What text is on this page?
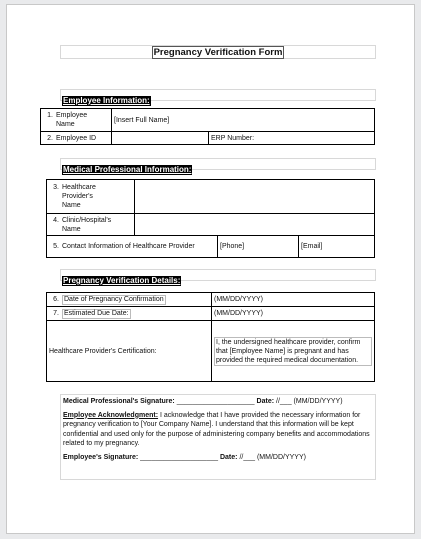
Pregnancy Verification Form
Employee Information:
1. Employee Name	[Insert Full Name]	
2. Employee ID		ERP Number:
Medical Professional Information:
3. Healthcare Provider's Name			

4. Clinic/Hospital's Name			

5. Contact Information of Healthcare Provider		[Phone]	[Email]
Pregnancy Verification Details:
6. Date of Pregnancy Confirmation	(MM/DD/YYYY)
7. Estimated Due Date:	(MM/DD/YYYY)
Healthcare Provider's Certification:	I, the undersigned healthcare provider, confirm that [Employee Name] is pregnant and has provided the required medical documentation.

Medical Professional's Signature: ____________________ Date: //___ (MM/DD/YYYY)

Employee Acknowledgment: I acknowledge that I have provided the necessary information for pregnancy verification to [Your Company Name]. I understand that this information will be kept confidential and used only for the purpose of administering company benefits and accommodations related to my pregnancy.

Employee's Signature: ____________________ Date: //___ (MM/DD/YYYY)
